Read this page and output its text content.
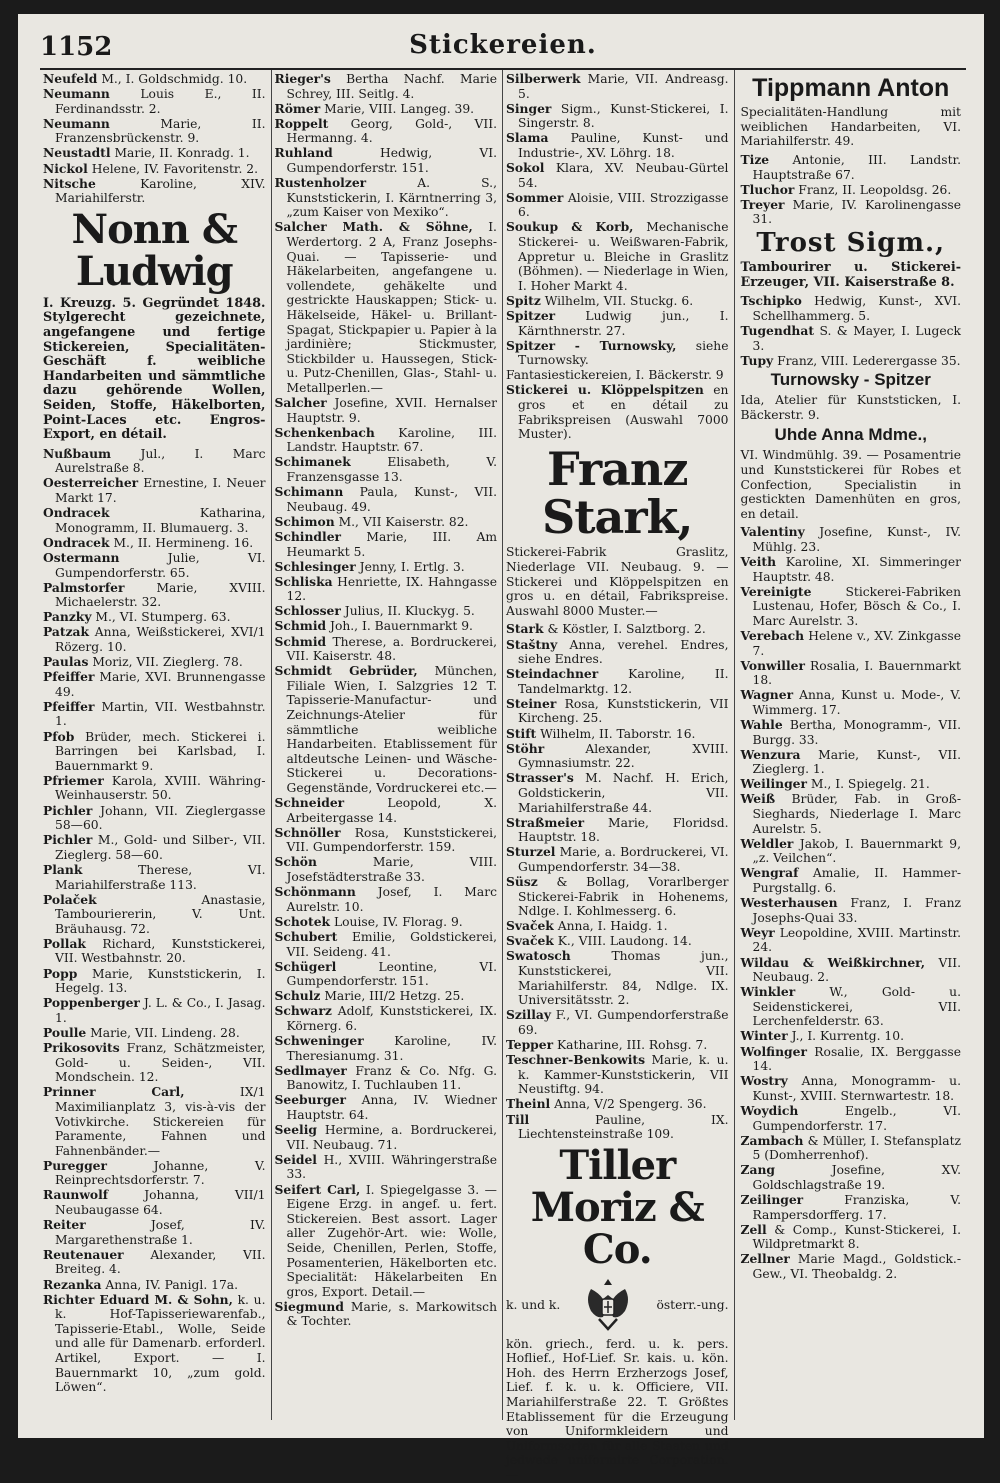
1152	Stickereien.

Neufeld M., I. Goldschmidg. 10.

Neumann Louis E., II. Ferdinandsstr. 2.

Neumann	Marie, II. Franzensbrückenstr. 9.

Neustadtl Marie, II. Konradg. 1.

Nickol Helene, IV. Favoritenstr. 2.

Nitsche	Karoline, XIV. Mariahilferstr.

Nonn & Ludwig
I. Kreuzg. 5. Gegründet 1848. Stylgerecht gezeichnete, angefangene und fertige Stickereien, Specialitäten-Geschäft f. weibliche Handarbeiten und sämmtliche dazu gehörende Wollen, Seiden, Stoffe, Häkelborten, Point-Laces etc. Engros-Export, en détail.

Nußbaum Jul., I. Marc Aurelstraße 8.

Oesterreicher Ernestine, I. Neuer Markt 17.

Ondracek	Katharina, Monogramm, II. Blumauerg. 3.

Ondracek M., II. Hermineng. 16.

Ostermann	Julie, VI. Gumpendorferstr. 65.

Palmstorfer	Marie, XVIII. Michaelerstr. 32.

Panzky M., VI. Stumperg. 63.

Patzak Anna, Weißstickerei, XVI/1 Rözerg. 10.

Paulas Moriz, VII. Zieglerg. 78.

Pfeiffer Marie, XVI. Brunnengasse 49.

Pfeiffer Martin, VII. Westbahnstr. 1.

Pfob Brüder, mech. Stickerei i. Barringen bei Karlsbad, I. Bauernmarkt 9.

Pfriemer Karola, XVIII. Währing-Weinhauserstr. 50.

Pichler Johann, VII. Zieglergasse 58—60.

Pichler M., Gold- und Silber-, VII. Zieglerg. 58—60.

Plank	Therese, VI. Mariahilferstraße 113.

Polaček	Anastasie, Tambouriererin, V. Unt. Bräuhausg. 72.

Pollak Richard, Kunststickerei, VII. Westbahnstr. 20.

Popp Marie, Kunststickerin, I. Hegelg. 13.

Poppenberger J. L. & Co., I. Jasag. 1.

Poulle Marie, VII. Lindeng. 28.

Prikosovits Franz, Schätzmeister, Gold- u. Seiden-, VII. Mondschein. 12.

Prinner Carl,	IX/1 Maximilianplatz 3, vis-à-vis der Votivkirche. Stickereien für Paramente, Fahnen und Fahnenbänder.—

Puregger	Johanne, V. Reinprechtsdorferstr. 7.

Raunwolf	Johanna, VII/1 Neubaugasse 64.

Reiter	Josef, IV. Margarethenstraße 1.

Reutenauer Alexander, VII. Breiteg. 4.

Rezanka Anna, IV. Panigl. 17a.

Richter Eduard M. & Sohn, k. u. k. Hof-Tapisseriewarenfab., Tapisserie-Etabl., Wolle, Seide und alle für Damenarb. erforderl. Artikel, Export. — I. Bauernmarkt 10, „zum gold. Löwen“.

Rieger's Bertha Nachf. Marie Schrey, III. Seitlg. 4.

Römer Marie, VIII. Langeg. 39.

Roppelt Georg, Gold-, VII. Hermanng. 4.

Ruhland	Hedwig, VI. Gumpendorferstr. 151.

Rustenholzer	A. S., Kunststickerin, I. Kärntnerring 3, „zum Kaiser von Mexiko“.

Salcher Math. & Söhne, I. Werdertorg. 2 A, Franz Josephs-Quai. — Tapisserie- und Häkelarbeiten, angefangene u. vollendete, gehäkelte und gestrickte Hauskappen; Stick- u. Häkelseide, Häkel- u. Brillant-Spagat, Stickpapier u. Papier à la jardinière; Stickmuster, Stickbilder u. Haussegen, Stick- u. Putz-Chenillen, Glas-, Stahl- u. Metallperlen.—

Salcher Josefine, XVII. Hernalser Hauptstr. 9.

Schenkenbach Karoline, III. Landstr. Hauptstr. 67.

Schimanek	Elisabeth, V. Franzensgasse 13.

Schimann Paula, Kunst-, VII. Neubaug. 49.

Schimon M., VII Kaiserstr. 82.

Schindler Marie, III. Am Heumarkt 5.

Schlesinger Jenny, I. Ertlg. 3.

Schliska Henriette, IX. Hahngasse 12.

Schlosser Julius, II. Kluckyg. 5.

Schmid Joh., I. Bauernmarkt 9.

Schmid Therese, a. Bordruckerei, VII. Kaiserstr. 48.

Schmidt Gebrüder, München, Filiale Wien, I. Salzgries 12 T. Tapisserie-Manufactur- und Zeichnungs-Atelier für sämmtliche weibliche Handarbeiten. Etablissement für altdeutsche Leinen- und Wäsche-Stickerei u. Decorations-Gegenstände, Vordruckerei etc.—

Schneider	Leopold, X. Arbeitergasse 14.

Schnöller Rosa, Kunststickerei, VII. Gumpendorferstr. 159.

Schön	Marie, VIII. Josefstädterstraße 33.

Schönmann Josef, I. Marc Aurelstr. 10.

Schotek Louise, IV. Florag. 9.

Schubert Emilie, Goldstickerei, VII. Seideng. 41.

Schügerl	Leontine, VI. Gumpendorferstr. 151.

Schulz Marie, III/2 Hetzg. 25.

Schwarz Adolf, Kunststickerei, IX. Körnerg. 6.

Schweninger Karoline, IV. Theresianumg. 31.

Sedlmayer Franz & Co. Nfg. G. Banowitz, I. Tuchlauben 11.

Seeburger Anna, IV. Wiedner Hauptstr. 64.

Seelig Hermine, a. Bordruckerei, VII. Neubaug. 71.

Seidel H., XVIII. Währingerstraße 33.

Seifert Carl, I. Spiegelgasse 3. — Eigene Erzg. in angef. u. fert. Stickereien. Best assort. Lager aller Zugehör-Art. wie: Wolle, Seide, Chenillen, Perlen, Stoffe, Posamenterien, Häkelborten etc. Specialität: Häkelarbeiten En gros, Export. Detail.—

Siegmund Marie, s. Markowitsch & Tochter.

Silberwerk Marie, VII. Andreasg. 5.

Singer Sigm., Kunst-Stickerei, I. Singerstr. 8.

Slama Pauline, Kunst- und Industrie-, XV. Löhrg. 18.

Sokol Klara, XV. Neubau-Gürtel 54.

Sommer Aloisie, VIII. Strozzigasse 6.

Soukup & Korb, Mechanische Stickerei- u. Weißwaren-Fabrik, Appretur u. Bleiche in Graslitz (Böhmen). — Niederlage in Wien, I. Hoher Markt 4.

Spitz Wilhelm, VII. Stuckg. 6.

Spitzer Ludwig jun., I. Kärnthnerstr. 27.

Spitzer - Turnowsky, siehe Turnowsky.

Fantasiestickereien, I. Bäckerstr. 9

Stickerei u. Klöppelspitzen en gros et en détail zu Fabrikspreisen (Auswahl 7000 Muster).

Franz Stark,
Stickerei-Fabrik Graslitz, Niederlage VII. Neubaug. 9. — Stickerei und Klöppelspitzen en gros u. en détail, Fabrikspreise. Auswahl 8000 Muster.—

Stark & Köstler, I. Salztborg. 2.

Staštny Anna, verehel. Endres, siehe Endres.

Steindachner Karoline, II. Tandelmarktg. 12.

Steiner Rosa, Kunststickerin, VII Kircheng. 25.

Stift Wilhelm, II. Taborstr. 16.

Stöhr	Alexander, XVIII. Gymnasiumstr. 22.

Strasser's M. Nachf. H. Erich, Goldstickerin, VII. Mariahilferstraße 44.

Straßmeier Marie, Floridsd. Hauptstr. 18.

Sturzel Marie, a. Bordruckerei, VI. Gumpendorferstr. 34—38.

Süsz & Bollag, Vorarlberger Stickerei-Fabrik in Hohenems, Ndlge. I. Kohlmesserg. 6.

Svaček Anna, I. Haidg. 1.

Svaček K., VIII. Laudong. 14.

Swatosch	Thomas jun., Kunststickerei, VII. Mariahilferstr. 84, Ndlge. IX. Universitätsstr. 2.

Szillay F., VI. Gumpendorferstraße 69.

Tepper Katharine, III. Rohsg. 7.

Teschner-Benkowits Marie, k. u. k. Kammer-Kunststickerin, VII Neustiftg. 94.

Theinl Anna, V/2 Spengerg. 36.

Till	Pauline, IX. Liechtensteinstraße 109.

Tiller Moriz & Co.
k. und k.	österr.-ung.
kön. griech., ferd. u. k. pers. Hoflief., Hof-Lief. Sr. kais. u. kön. Hoh. des Herrn Erzherzogs Josef, Lief. f. k. u. k. Officiere, VII. Mariahilferstraße 22. T. Größtes Etablissement für die Erzeugung von Uniformkleidern und Uniformsorten für alle Staaten und jedwede uniformirte Corporation.—
Tippmann Anton
Specialitäten-Handlung mit weiblichen Handarbeiten, VI. Mariahilferstr. 49.

Tize Antonie, III. Landstr. Hauptstraße 67.

Tluchor Franz, II. Leopoldsg. 26.

Treyer Marie, IV. Karolinengasse 31.

Trost Sigm.,
Tambourirer u. Stickerei-Erzeuger, VII. Kaiserstraße 8.

Tschipko Hedwig, Kunst-, XVI. Schellhammerg. 5.

Tugendhat S. & Mayer, I. Lugeck 3.

Tupy Franz, VIII. Lederergasse 35.

Turnowsky - Spitzer
Ida, Atelier für Kunststicken, I. Bäckerstr. 9.
Uhde Anna Mdme.,
VI. Windmühlg. 39. — Posamentrie und Kunststickerei für Robes et Confection, Specialistin in gestickten Damenhüten en gros, en detail.

Valentiny Josefine, Kunst-, IV. Mühlg. 23.

Veith Karoline, XI. Simmeringer Hauptstr. 48.

Vereinigte	Stickerei-Fabriken Lustenau, Hofer, Bösch & Co., I. Marc Aurelstr. 3.

Verebach Helene v., XV. Zinkgasse 7.

Vonwiller Rosalia, I. Bauernmarkt 18.

Wagner Anna, Kunst u. Mode-, V. Wimmerg. 17.

Wahle Bertha, Monogramm-, VII. Burgg. 33.

Wenzura Marie, Kunst-, VII. Zieglerg. 1.

Weilinger M., I. Spiegelg. 21.

Weiß Brüder, Fab. in Groß-Sieghards, Niederlage I. Marc Aurelstr. 5.

Weldler Jakob, I. Bauernmarkt 9, „z. Veilchen“.

Wengraf Amalie, II. Hammer-Purgstallg. 6.

Westerhausen Franz, I. Franz Josephs-Quai 33.

Weyr Leopoldine, XVIII. Martinstr. 24.

Wildau & Weißkirchner, VII. Neubaug. 2.

Winkler	W., Gold- u. Seidenstickerei, VII. Lerchenfelderstr. 63.

Winter J., I. Kurrentg. 10.

Wolfinger Rosalie, IX. Berggasse 14.

Wostry Anna, Monogramm- u. Kunst-, XVIII. Sternwartestr. 18.

Woydich	Engelb., VI. Gumpendorferstr. 17.

Zambach & Müller, I. Stefansplatz 5 (Domherrenhof).

Zang	Josefine, XV. Goldschlagstraße 19.

Zeilinger	Franziska, V. Rampersdorfferg. 17.

Zell & Comp., Kunst-Stickerei, I. Wildpretmarkt 8.

Zellner Marie Magd., Goldstick.-Gew., VI. Theobaldg. 2.
